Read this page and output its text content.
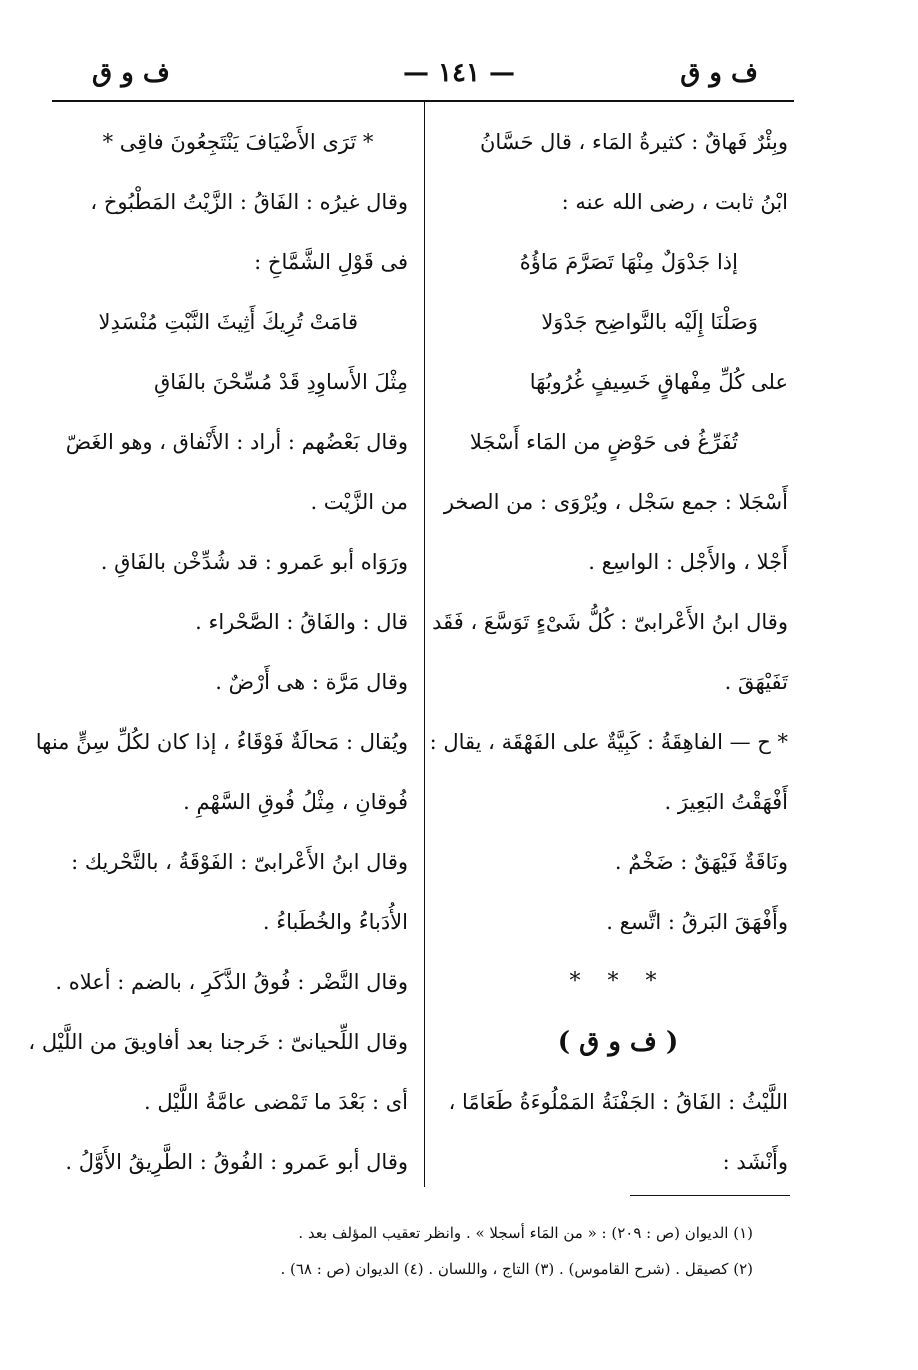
ف و ق
— ١٤١ —
ف و ق
وبِئْرٌ فَهاقٌ : كثيرةُ المَاء ، قال حَسَّانُ
ابْنُ ثابت ، رضى الله عنه :
إذا جَدْوَلٌ مِنْهَا تَصَرَّمَ مَاؤُهُ
وَصَلْنَا إِلَيْه بالنَّواضِح جَدْوَلا
على كُلِّ مِفْهاقٍ خَسِيفٍ غُرُوبُهَا
تُفَرِّغُ فى حَوْضٍ من المَاء أَسْجَلا
أَسْجَلا : جمع سَجْل ، ويُرْوَى : من الصخر
أَجْلا ، والأَجْل : الواسِع .
وقال ابنُ الأَعْرابىّ : كُلُّ شَىْءٍ تَوَسَّعَ ، فَقَد
تَفَيْهَقَ .
* ح — الفاهِقَةُ : كَبِيَّةٌ على الفَهْقَة ، يقال :
أَفْهَقْتُ البَعِيرَ .
ونَاقَةٌ فَيْهَقٌ : ضَخْمٌ .
وأَفْهَقَ البَرقُ : اتَّسع .
* * *
( ف و ق )
اللَّيْثُ : الفَاقُ : الجَفْنَةُ المَمْلُوءَةُ طَعَامًا ،
وأَنْشَد :
* تَرَى الأَضْيَافَ يَنْتَجِعُونَ فاقِى *
وقال غيرُه : الفَاقُ : الزَّيْتُ المَطْبُوخ ،
فى قَوْلِ الشَّمَّاخِ :
قامَتْ تُرِيكَ أَثِيثَ النَّبْتِ مُنْسَدِلا
مِثْلَ الأَساوِدِ قَدْ مُسِّحْنَ بالفَاقِ
وقال بَعْضُهم : أراد : الأَنْفاق ، وهو الغَضّ
من الزَّيْت .
ورَوَاه أبو عَمرو : قد شُدِّخْن بالفَاقِ .
قال : والفَاقُ : الصَّحْراء .
وقال مَرَّة : هى أَرْضٌ .
ويُقال : مَحالَةٌ فَوْقَاءُ ، إذا كان لكُلِّ سِنٍّ منها
فُوقانِ ، مِثْلُ فُوقِ السَّهْمِ .
وقال ابنُ الأَعْرابىّ : الفَوْقَةُ ، بالتَّحْريك :
الأُدَباءُ والخُطَباءُ .
وقال النَّضْر : فُوقُ الذَّكَرِ ، بالضم : أعلاه .
وقال اللِّحيانىّ : خَرجنا بعد أفاويقَ من اللَّيْل ،
أى : بَعْدَ ما تَمْضى عامَّةُ اللَّيْل .
وقال أبو عَمرو : الفُوقُ : الطَّرِيقُ الأَوَّلُ .
(١) الديوان (ص : ٢٠٩) : « من المَاء أسجلا » . وانظر تعقيب المؤلف بعد .
(٢) كصيقل . (شرح القاموس) . (٣) التاج ، واللسان . (٤) الديوان (ص : ٦٨) .
